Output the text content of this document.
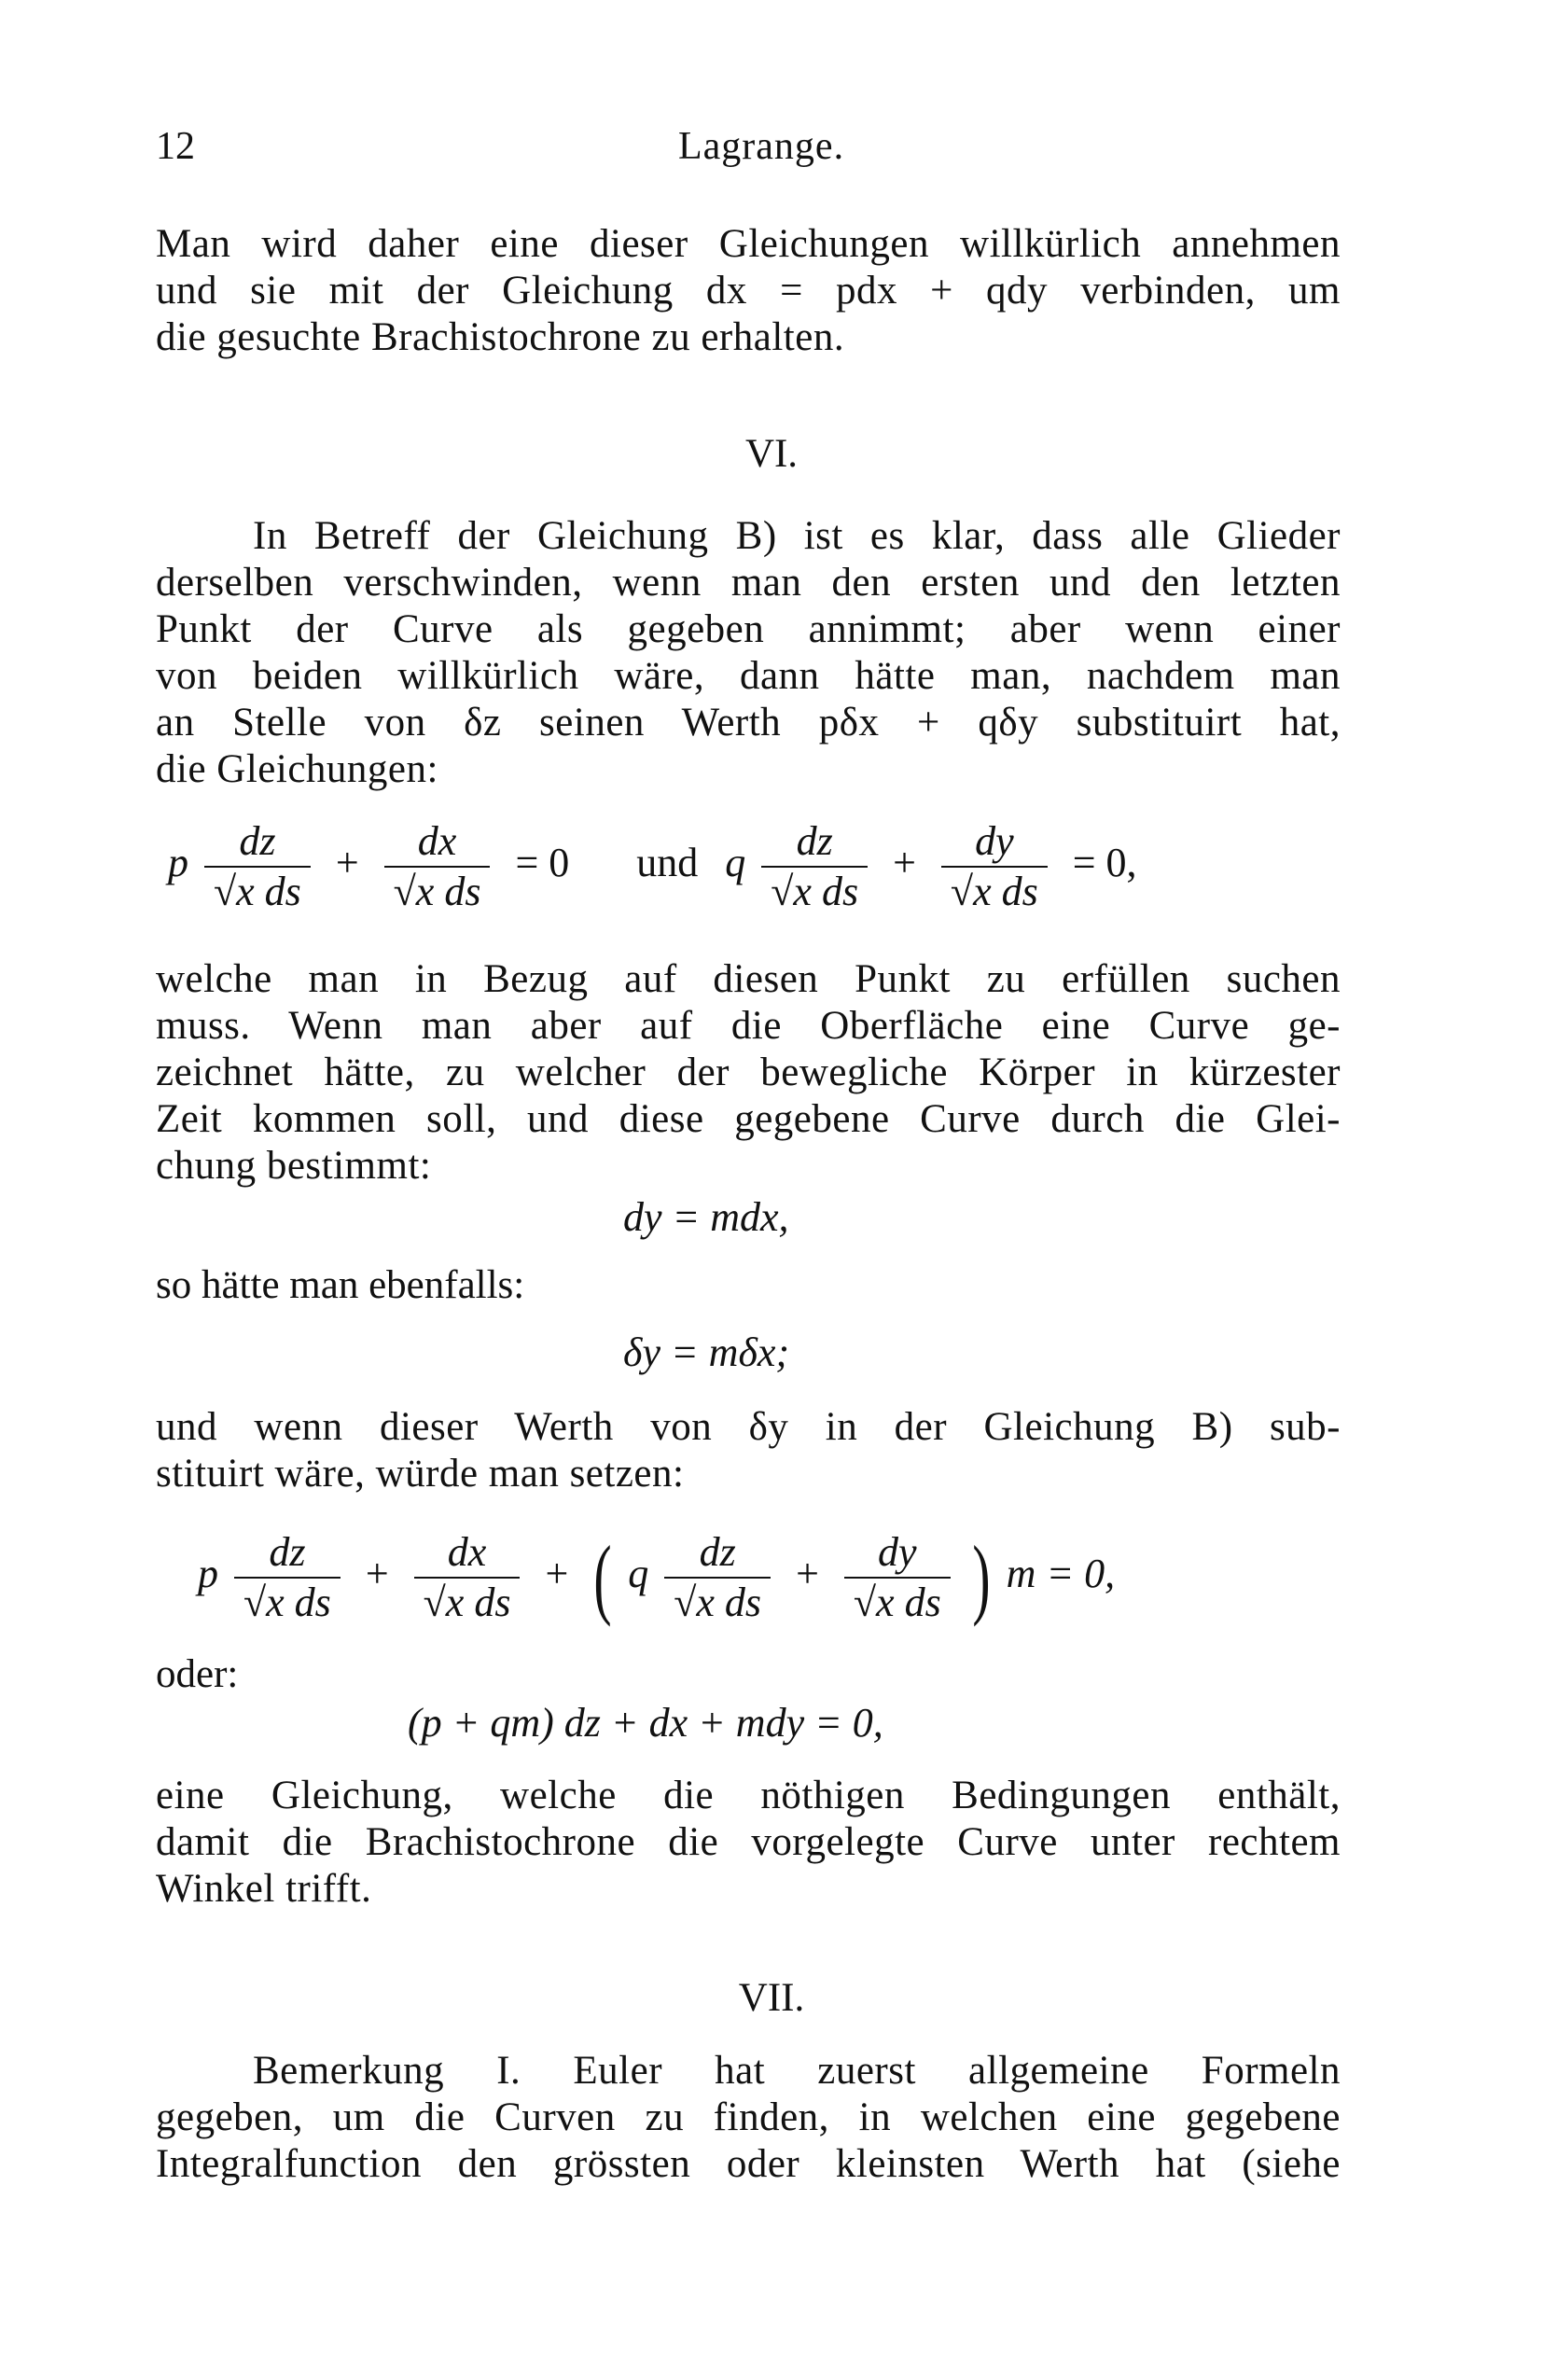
12	Lagrange.
Man wird daher eine dieser Gleichungen willkürlich annehmen
und sie mit der Gleichung dx = pdx + qdy verbinden, um
die gesuchte Brachistochrone zu erhalten.
VI.
In Betreff der Gleichung B) ist es klar, dass alle Glieder
derselben verschwinden, wenn man den ersten und den letzten
Punkt der Curve als gegeben annimmt; aber wenn einer
von beiden willkürlich wäre, dann hätte man, nachdem man
an Stelle von δz seinen Werth pδx + qδy substituirt hat,
die Gleichungen:
p $\frac{dz}{\text{√x ds}} + \frac{dx}{\text{√x ds}} = 0$ und q $\frac{dz}{\text{√x ds}} + \frac{dy}{\text{√x ds}} = 0$,
welche man in Bezug auf diesen Punkt zu erfüllen suchen
muss. Wenn man aber auf die Oberfläche eine Curve ge-
zeichnet hätte, zu welcher der bewegliche Körper in kürzester
Zeit kommen soll, und diese gegebene Curve durch die Glei-
chung bestimmt:
dy = mdx,
so hätte man ebenfalls:
δy = mδx;
und wenn dieser Werth von δy in der Gleichung B) sub-
stituirt wäre, würde man setzen:
p $\frac{dz}{\text{√x ds}} + \frac{dx}{\text{√x ds}}$ + ( q $\frac{dz}{\text{√x ds}} + \frac{dy}{\text{√x ds}}$ ) m = 0,
oder:
(p + qm) dz + dx + mdy = 0,
eine Gleichung, welche die nöthigen Bedingungen enthält,
damit die Brachistochrone die vorgelegte Curve unter rechtem
Winkel trifft.
VII.
Bemerkung I. Euler hat zuerst allgemeine Formeln
gegeben, um die Curven zu finden, in welchen eine gegebene
Integralfunction den grössten oder kleinsten Werth hat (siehe
